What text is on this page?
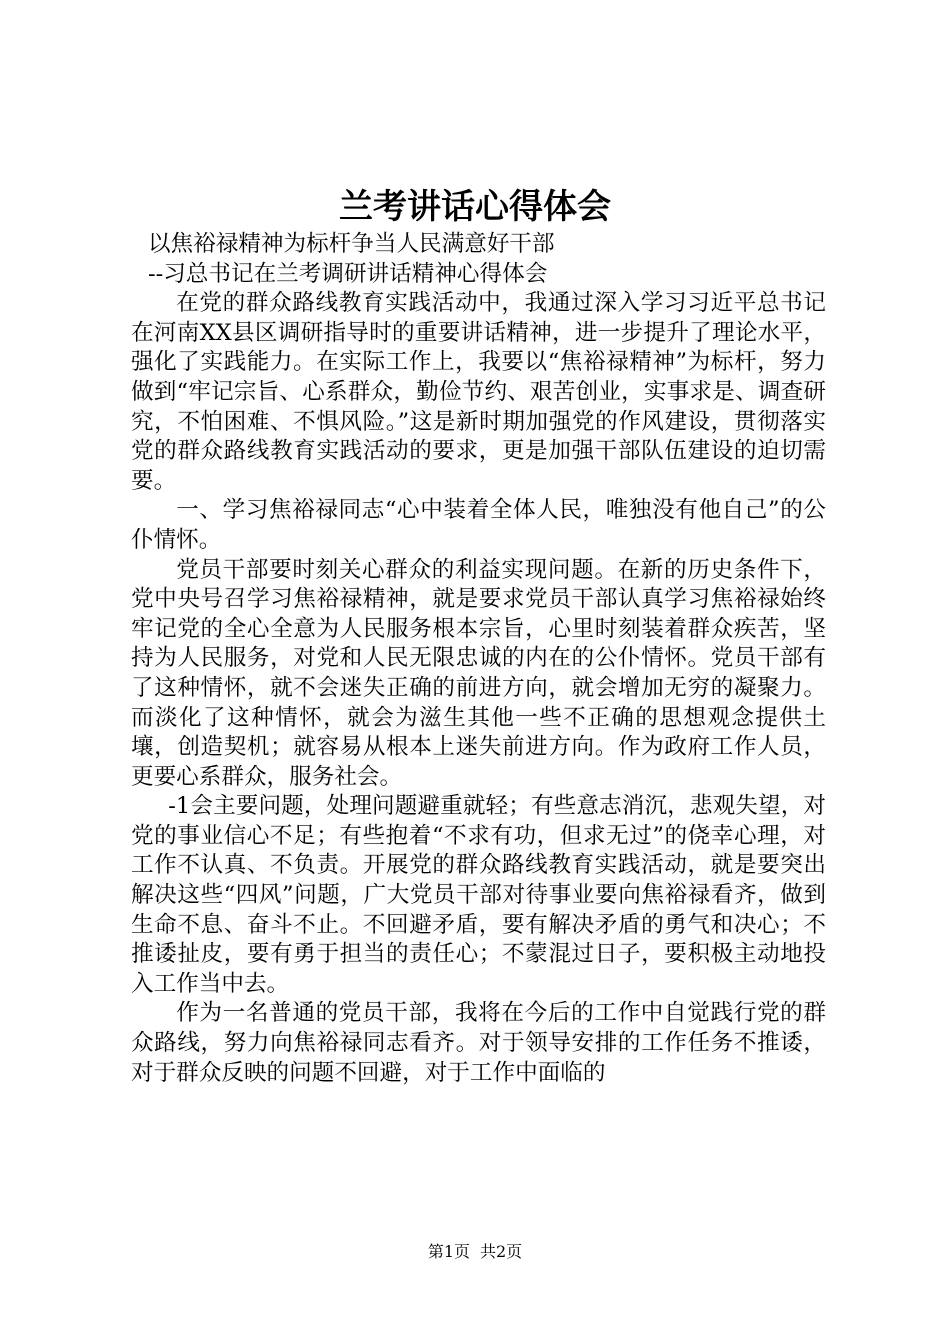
兰考讲话心得体会

以焦裕禄精神为标杆争当人民满意好干部

--习总书记在兰考调研讲话精神心得体会

在党的群众路线教育实践活动中，我通过深入学习习近平总书记在河南XX县区调研指导时的重要讲话精神，进一步提升了理论水平，强化了实践能力。在实际工作上，我要以“焦裕禄精神”为标杆，努力做到“牢记宗旨、心系群众，勤俭节约、艰苦创业，实事求是、调查研究，不怕困难、不惧风险。”这是新时期加强党的作风建设，贯彻落实党的群众路线教育实践活动的要求，更是加强干部队伍建设的迫切需要。

一、学习焦裕禄同志“心中装着全体人民，唯独没有他自己”的公仆情怀。

党员干部要时刻关心群众的利益实现问题。在新的历史条件下，党中央号召学习焦裕禄精神，就是要求党员干部认真学习焦裕禄始终牢记党的全心全意为人民服务根本宗旨，心里时刻装着群众疾苦，坚持为人民服务，对党和人民无限忠诚的内在的公仆情怀。党员干部有了这种情怀，就不会迷失正确的前进方向，就会增加无穷的凝聚力。而淡化了这种情怀，就会为滋生其他一些不正确的思想观念提供土壤，创造契机；就容易从根本上迷失前进方向。作为政府工作人员，更要心系群众，服务社会。

-1会主要问题，处理问题避重就轻；有些意志消沉，悲观失望，对党的事业信心不足；有些抱着“不求有功，但求无过”的侥幸心理，对工作不认真、不负责。开展党的群众路线教育实践活动，就是要突出解决这些“四风”问题，广大党员干部对待事业要向焦裕禄看齐，做到生命不息、奋斗不止。不回避矛盾，要有解决矛盾的勇气和决心；不推诿扯皮，要有勇于担当的责任心；不蒙混过日子，要积极主动地投入工作当中去。

作为一名普通的党员干部，我将在今后的工作中自觉践行党的群众路线，努力向焦裕禄同志看齐。对于领导安排的工作任务不推诿，对于群众反映的问题不回避，对于工作中面临的

第1页 共2页
